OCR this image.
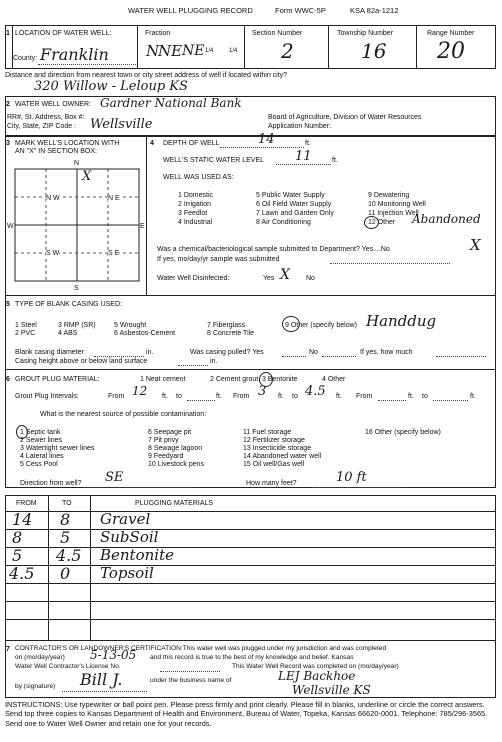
WATER WELL PLUGGING RECORD	Form WWC-5P	KSA 82a-1212
1 LOCATION OF WATER WELL:
County: Franklin
Fraction
N
NE NE 1/4	1/4
Section Number
2
Township Number
16
Range Number
20
Distance and direction from nearest town or city street address of well if located within city?
320 Willow - Leloup KS
2 WATER WELL OWNER: Gardner National Bank
RR#, St. Address, Box #:
City, State, ZIP Code : Wellsville	Board of Agriculture, Division of Water Resources
Application Number:
3 MARK WELL'S LOCATION WITH
AN "X" IN SECTION BOX:
N
W	E
S
N W	N E
S W	S E
X
4 DEPTH OF WELL	14	ft.
WELL'S STATIC WATER LEVEL 11	ft.
WELL WAS USED AS:
1 Domestic
2 Irrigation
3 Feedlot
4 Industrial
5 Public Water Supply
6 Oil Field Water Supply
7 Lawn and Garden Only
8 Air Conditioning
9 Dewatering
10 Monitoring Well
11 Injection Well
12 Other Abandoned
Was a chemical/bacteriological sample submitted to Department? Yes....No	X
If yes, mo/day/yr sample was submitted
Water Well Disinfected:	Yes X No
5 TYPE OF BLANK CASING USED:
1 Steel
2 PVC
3 RMP (SR)
4 ABS
5 Wrought
6 Asbestos-Cement
7 Fiberglass
8 Concrete Tile
9 Other (specify below) Handdug
Blank casing diameter	in.	Was casing pulled? Yes	No	If yes, how much
Casing height above or below land surface	in.
6 GROUT PLUG MATERIAL:	1 Neat cement	2 Cement grout 3 Bentonite	4 Other
Grout Plug Intervals:	From 12 ft. to	ft. From 3 ft. to 4.5 ft. From	ft. to	ft.
What is the nearest source of possible contamination:
1 Septic tank
2 Sewer lines
3 Watertight sewer lines
4 Lateral lines
5 Cess Pool
6 Seepage pit
7 Pit privy
8 Sewage lagoon
9 Feedyard
10 Livestock pens
11 Fuel storage
12 Fertilizer storage
13 Insecticide storage
14 Abandoned water well
15 Oil well/Gas well
16 Other (specify below)
Direction from well? SE	How many feet?	10 ft
FROM	TO	PLUGGING MATERIALS
14 8 Gravel
8 5 SubSoil
5 4.5 Bentonite
4.5 0 Topsoil
7 CONTRACTOR'S OR LANDOWNER'S CERTIFICATION:This water well was plugged under my jurisdiction and was completed
on (mo/day/year) 5-13-05 and this record is true to the best of my knowledge and belief. Kansas
Water Well Contractor's License No.	This Water Well Record was completed on (mo/day/year)
by (signature) Bill J.	under the business name of	LEJ Backhoe
Wellsville KS
INSTRUCTIONS: Use typewriter or ball point pen. Please press firmly and print clearly. Please fill in blanks, underline or circle the correct answers. Send top three copies to Kansas Department of Health and Environment, Bureau of Water, Topeka, Kansas 66620-0001. Telephone: 785/296-3565. Send one to Water Well Owner and retain one for your records.
